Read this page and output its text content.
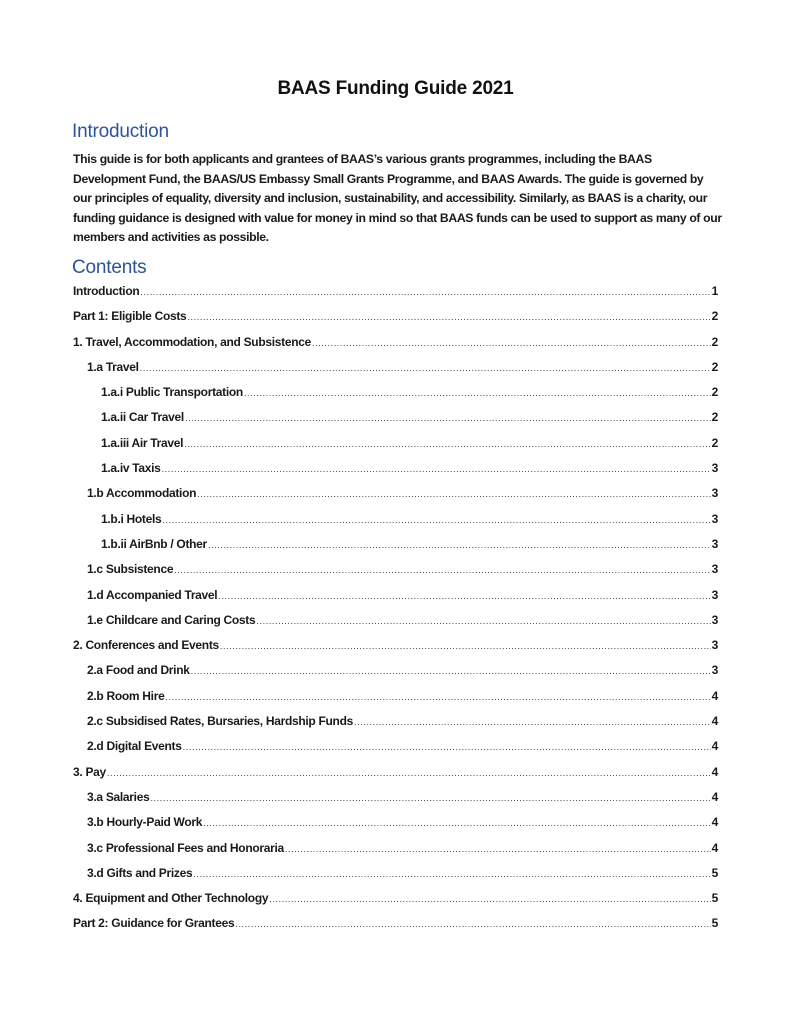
BAAS Funding Guide 2021
Introduction
This guide is for both applicants and grantees of BAAS’s various grants programmes, including the BAAS Development Fund, the BAAS/US Embassy Small Grants Programme, and BAAS Awards. The guide is governed by our principles of equality, diversity and inclusion, sustainability, and accessibility. Similarly, as BAAS is a charity, our funding guidance is designed with value for money in mind so that BAAS funds can be used to support as many of our members and activities as possible.
Contents
Introduction .....	1
Part 1: Eligible Costs .....	2
1. Travel, Accommodation, and Subsistence .....	2
1.a Travel .....	2
1.a.i Public Transportation .....	2
1.a.ii Car Travel .....	2
1.a.iii Air Travel .....	2
1.a.iv Taxis .....	3
1.b Accommodation .....	3
1.b.i Hotels .....	3
1.b.ii AirBnb / Other .....	3
1.c Subsistence .....	3
1.d Accompanied Travel .....	3
1.e Childcare and Caring Costs .....	3
2. Conferences and Events .....	3
2.a Food and Drink .....	3
2.b Room Hire .....	4
2.c Subsidised Rates, Bursaries, Hardship Funds .....	4
2.d Digital Events .....	4
3. Pay .....	4
3.a Salaries .....	4
3.b Hourly-Paid Work .....	4
3.c Professional Fees and Honoraria .....	4
3.d Gifts and Prizes .....	5
4. Equipment and Other Technology .....	5
Part 2: Guidance for Grantees .....	5
